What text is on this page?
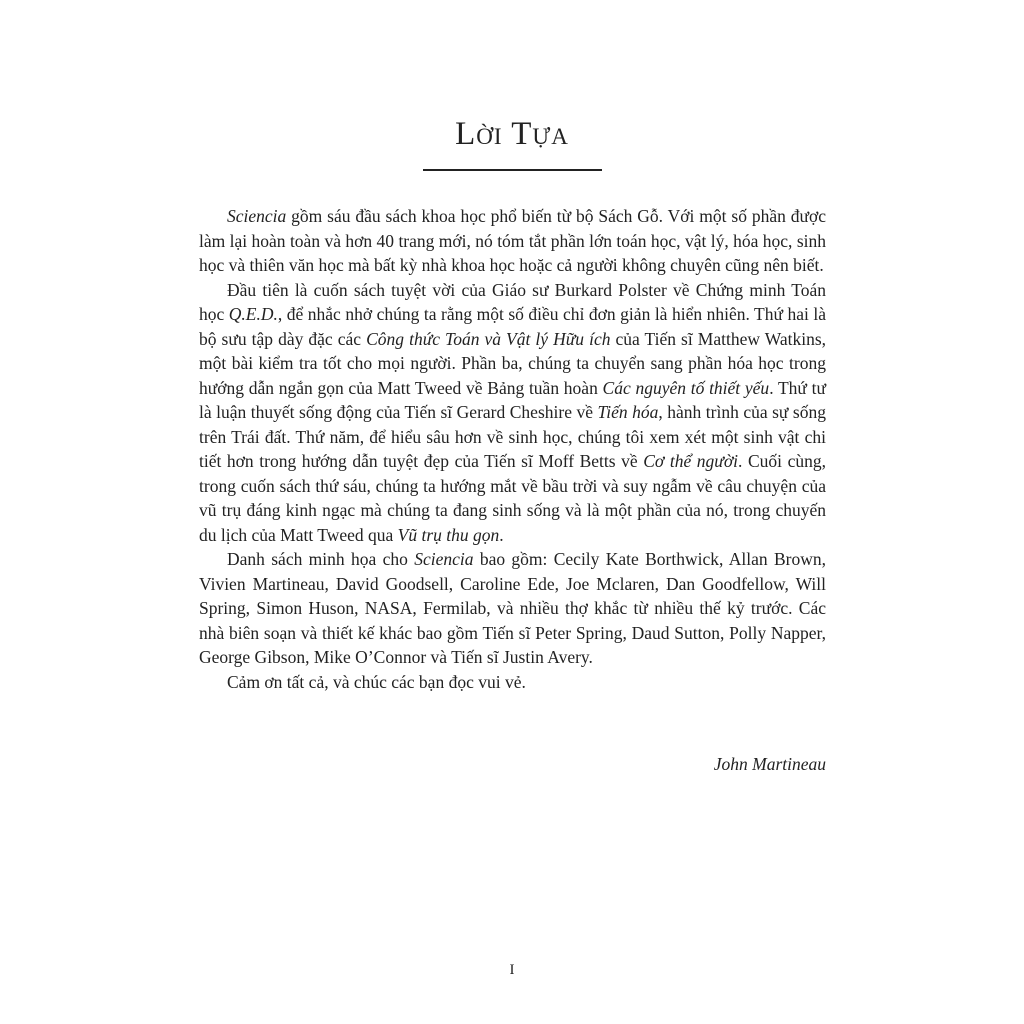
Lời Tựa

Sciencia gồm sáu đầu sách khoa học phổ biến từ bộ Sách Gỗ. Với một số phần được làm lại hoàn toàn và hơn 40 trang mới, nó tóm tắt phần lớn toán học, vật lý, hóa học, sinh học và thiên văn học mà bất kỳ nhà khoa học hoặc cả người không chuyên cũng nên biết.

Đầu tiên là cuốn sách tuyệt vời của Giáo sư Burkard Polster về Chứng minh Toán học Q.E.D., để nhắc nhở chúng ta rằng một số điều chỉ đơn giản là hiển nhiên. Thứ hai là bộ sưu tập dày đặc các Công thức Toán và Vật lý Hữu ích của Tiến sĩ Matthew Watkins, một bài kiểm tra tốt cho mọi người. Phần ba, chúng ta chuyển sang phần hóa học trong hướng dẫn ngắn gọn của Matt Tweed về Bảng tuần hoàn Các nguyên tố thiết yếu. Thứ tư là luận thuyết sống động của Tiến sĩ Gerard Cheshire về Tiến hóa, hành trình của sự sống trên Trái đất. Thứ năm, để hiểu sâu hơn về sinh học, chúng tôi xem xét một sinh vật chi tiết hơn trong hướng dẫn tuyệt đẹp của Tiến sĩ Moff Betts về Cơ thể người. Cuối cùng, trong cuốn sách thứ sáu, chúng ta hướng mắt về bầu trời và suy ngẫm về câu chuyện của vũ trụ đáng kinh ngạc mà chúng ta đang sinh sống và là một phần của nó, trong chuyến du lịch của Matt Tweed qua Vũ trụ thu gọn.

Danh sách minh họa cho Sciencia bao gồm: Cecily Kate Borthwick, Allan Brown, Vivien Martineau, David Goodsell, Caroline Ede, Joe Mclaren, Dan Goodfellow, Will Spring, Simon Huson, NASA, Fermilab, và nhiều thợ khắc từ nhiều thế kỷ trước. Các nhà biên soạn và thiết kế khác bao gồm Tiến sĩ Peter Spring, Daud Sutton, Polly Napper, George Gibson, Mike O’Connor và Tiến sĩ Justin Avery.

Cảm ơn tất cả, và chúc các bạn đọc vui vẻ.

John Martineau
I
